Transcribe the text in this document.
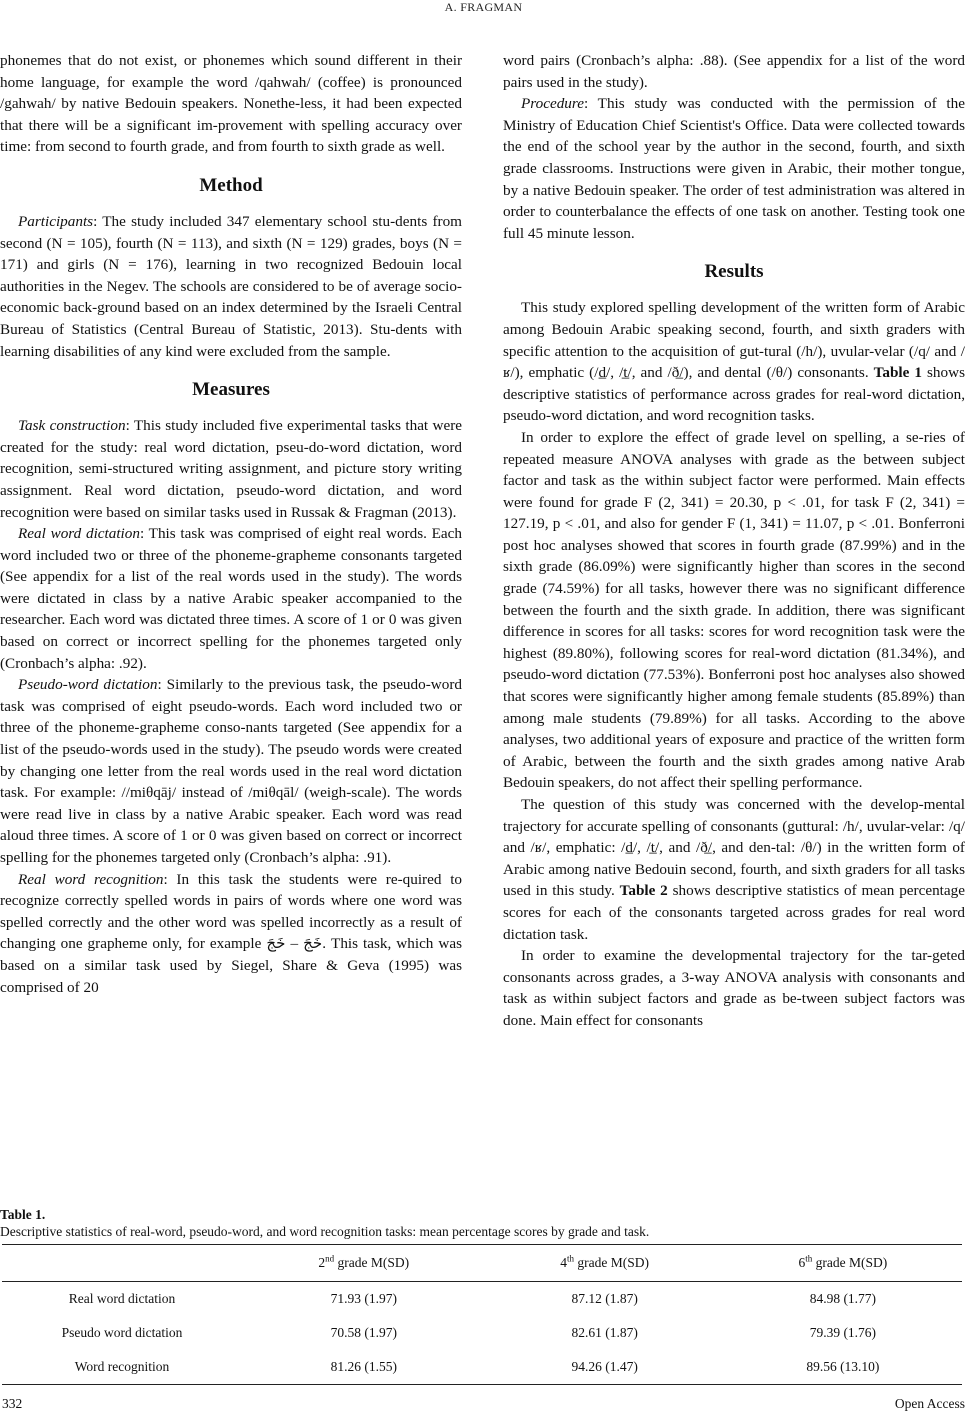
A. FRAGMAN

phonemes that do not exist, or phonemes which sound different in their home language, for example the word /qahwah/ (coffee) is pronounced /gahwah/ by native Bedouin speakers. Nonethe-less, it had been expected that there will be a significant im-provement with spelling accuracy over time: from second to fourth grade, and from fourth to sixth grade as well.

Method

Participants: The study included 347 elementary school stu-dents from second (N = 105), fourth (N = 113), and sixth (N = 129) grades, boys (N = 171) and girls (N = 176), learning in two recognized Bedouin local authorities in the Negev. The schools are considered to be of average socio-economic back-ground based on an index determined by the Israeli Central Bureau of Statistics (Central Bureau of Statistic, 2013). Stu-dents with learning disabilities of any kind were excluded from the sample.

Measures

Task construction: This study included five experimental tasks that were created for the study: real word dictation, pseu-do-word dictation, word recognition, semi-structured writing assignment, and picture story writing assignment. Real word dictation, pseudo-word dictation, and word recognition were based on similar tasks used in Russak & Fragman (2013).

Real word dictation: This task was comprised of eight real words. Each word included two or three of the phoneme-grapheme consonants targeted (See appendix for a list of the real words used in the study). The words were dictated in class by a native Arabic speaker accompanied to the researcher. Each word was dictated three times. A score of 1 or 0 was given based on correct or incorrect spelling for the phonemes targeted only (Cronbach’s alpha: .92).

Pseudo-word dictation: Similarly to the previous task, the pseudo-word task was comprised of eight pseudo-words. Each word included two or three of the phoneme-grapheme conso-nants targeted (See appendix for a list of the pseudo-words used in the study). The pseudo words were created by changing one letter from the real words used in the real word dictation task. For example: //miθqāj/ instead of /miθqāl/ (weigh-scale). The words were read live in class by a native Arabic speaker. Each word was read aloud three times. A score of 1 or 0 was given based on correct or incorrect spelling for the phonemes targeted only (Cronbach’s alpha: .91).

Real word recognition: In this task the students were re-quired to recognize correctly spelled words in pairs of words where one word was spelled correctly and the other word was spelled incorrectly as a result of changing one grapheme only, for example خَجَ – خَجَ. This task, which was based on a similar task used by Siegel, Share & Geva (1995) was comprised of 20

word pairs (Cronbach’s alpha: .88). (See appendix for a list of the word pairs used in the study).

Procedure: This study was conducted with the permission of the Ministry of Education Chief Scientist's Office. Data were collected towards the end of the school year by the author in the second, fourth, and sixth grade classrooms. Instructions were given in Arabic, their mother tongue, by a native Bedouin speaker. The order of test administration was altered in order to counterbalance the effects of one task on another. Testing took one full 45 minute lesson.

Results

This study explored spelling development of the written form of Arabic among Bedouin Arabic speaking second, fourth, and sixth graders with specific attention to the acquisition of gut-tural (/h/), uvular-velar (/q/ and /ʁ/), emphatic (/d̲/, /t̲/, and /ð̲/), and dental (/θ/) consonants. Table 1 shows descriptive statistics of performance across grades for real-word dictation, pseudo-word dictation, and word recognition tasks.

In order to explore the effect of grade level on spelling, a se-ries of repeated measure ANOVA analyses with grade as the between subject factor and task as the within subject factor were performed. Main effects were found for grade F (2, 341) = 20.30, p < .01, for task F (2, 341) = 127.19, p < .01, and also for gender F (1, 341) = 11.07, p < .01. Bonferroni post hoc analyses showed that scores in fourth grade (87.99%) and in the sixth grade (86.09%) were significantly higher than scores in the second grade (74.59%) for all tasks, however there was no significant difference between the fourth and the sixth grade. In addition, there was significant difference in scores for all tasks: scores for word recognition task were the highest (89.80%), following scores for real-word dictation (81.34%), and pseudo-word dictation (77.53%). Bonferroni post hoc analyses also showed that scores were significantly higher among female students (85.89%) than among male students (79.89%) for all tasks. According to the above analyses, two additional years of exposure and practice of the written form of Arabic, between the fourth and the sixth grades among native Arab Bedouin speakers, do not affect their spelling performance.

The question of this study was concerned with the develop-mental trajectory for accurate spelling of consonants (guttural: /h/, uvular-velar: /q/ and /ʁ/, emphatic: /d̲/, /t̲/, and /ð̲/, and den-tal: /θ/) in the written form of Arabic among native Bedouin second, fourth, and sixth graders for all tasks used in this study. Table 2 shows descriptive statistics of mean percentage scores for each of the consonants targeted across grades for real word dictation task.

In order to examine the developmental trajectory for the tar-geted consonants across grades, a 3-way ANOVA analysis with consonants and task as within subject factors and grade as be-tween subject factors was done. Main effect for consonants

Table 1.
Descriptive statistics of real-word, pseudo-word, and word recognition tasks: mean percentage scores by grade and task.
	2nd grade M(SD)	4th grade M(SD)	6th grade M(SD)
Real word dictation	71.93 (1.97)	87.12 (1.87)	84.98 (1.77)
Pseudo word dictation	70.58 (1.97)	82.61 (1.87)	79.39 (1.76)
Word recognition	81.26 (1.55)	94.26 (1.47)	89.56 (13.10)
332	Open Access
